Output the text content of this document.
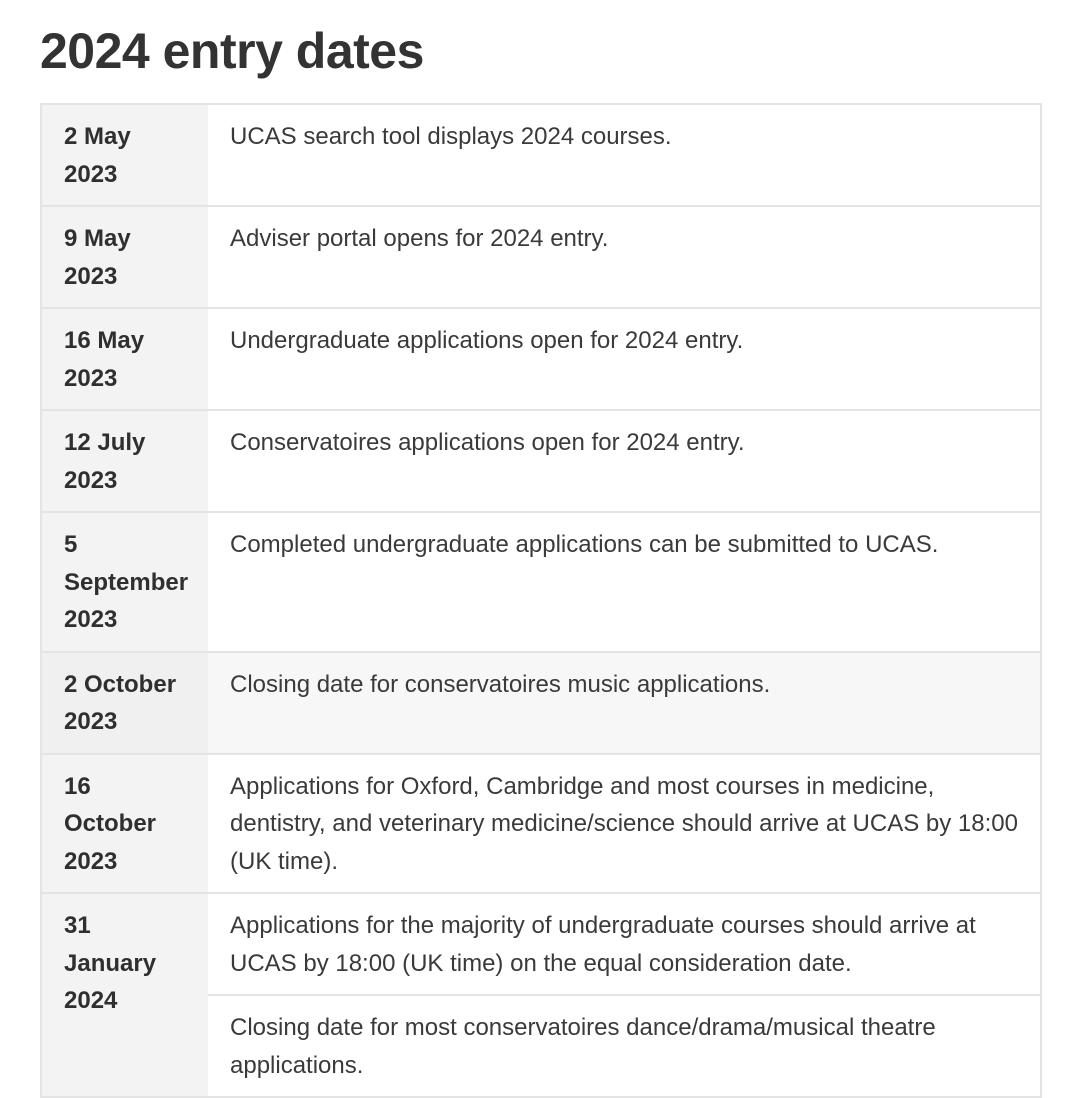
2024 entry dates
2 May
2023	UCAS search tool displays 2024 courses.
9 May
2023	Adviser portal opens for 2024 entry.
16 May
2023	Undergraduate applications open for 2024 entry.
12 July
2023	Conservatoires applications open for 2024 entry.
5
September
2023	Completed undergraduate applications can be submitted to UCAS.
2 October
2023	Closing date for conservatoires music applications.
16
October
2023	Applications for Oxford, Cambridge and most courses in medicine, dentistry, and veterinary medicine/science should arrive at UCAS by 18:00 (UK time).
31
January
2024	Applications for the majority of undergraduate courses should arrive at UCAS by 18:00 (UK time) on the equal consideration date.
	Closing date for most conservatoires dance/drama/musical theatre applications.
